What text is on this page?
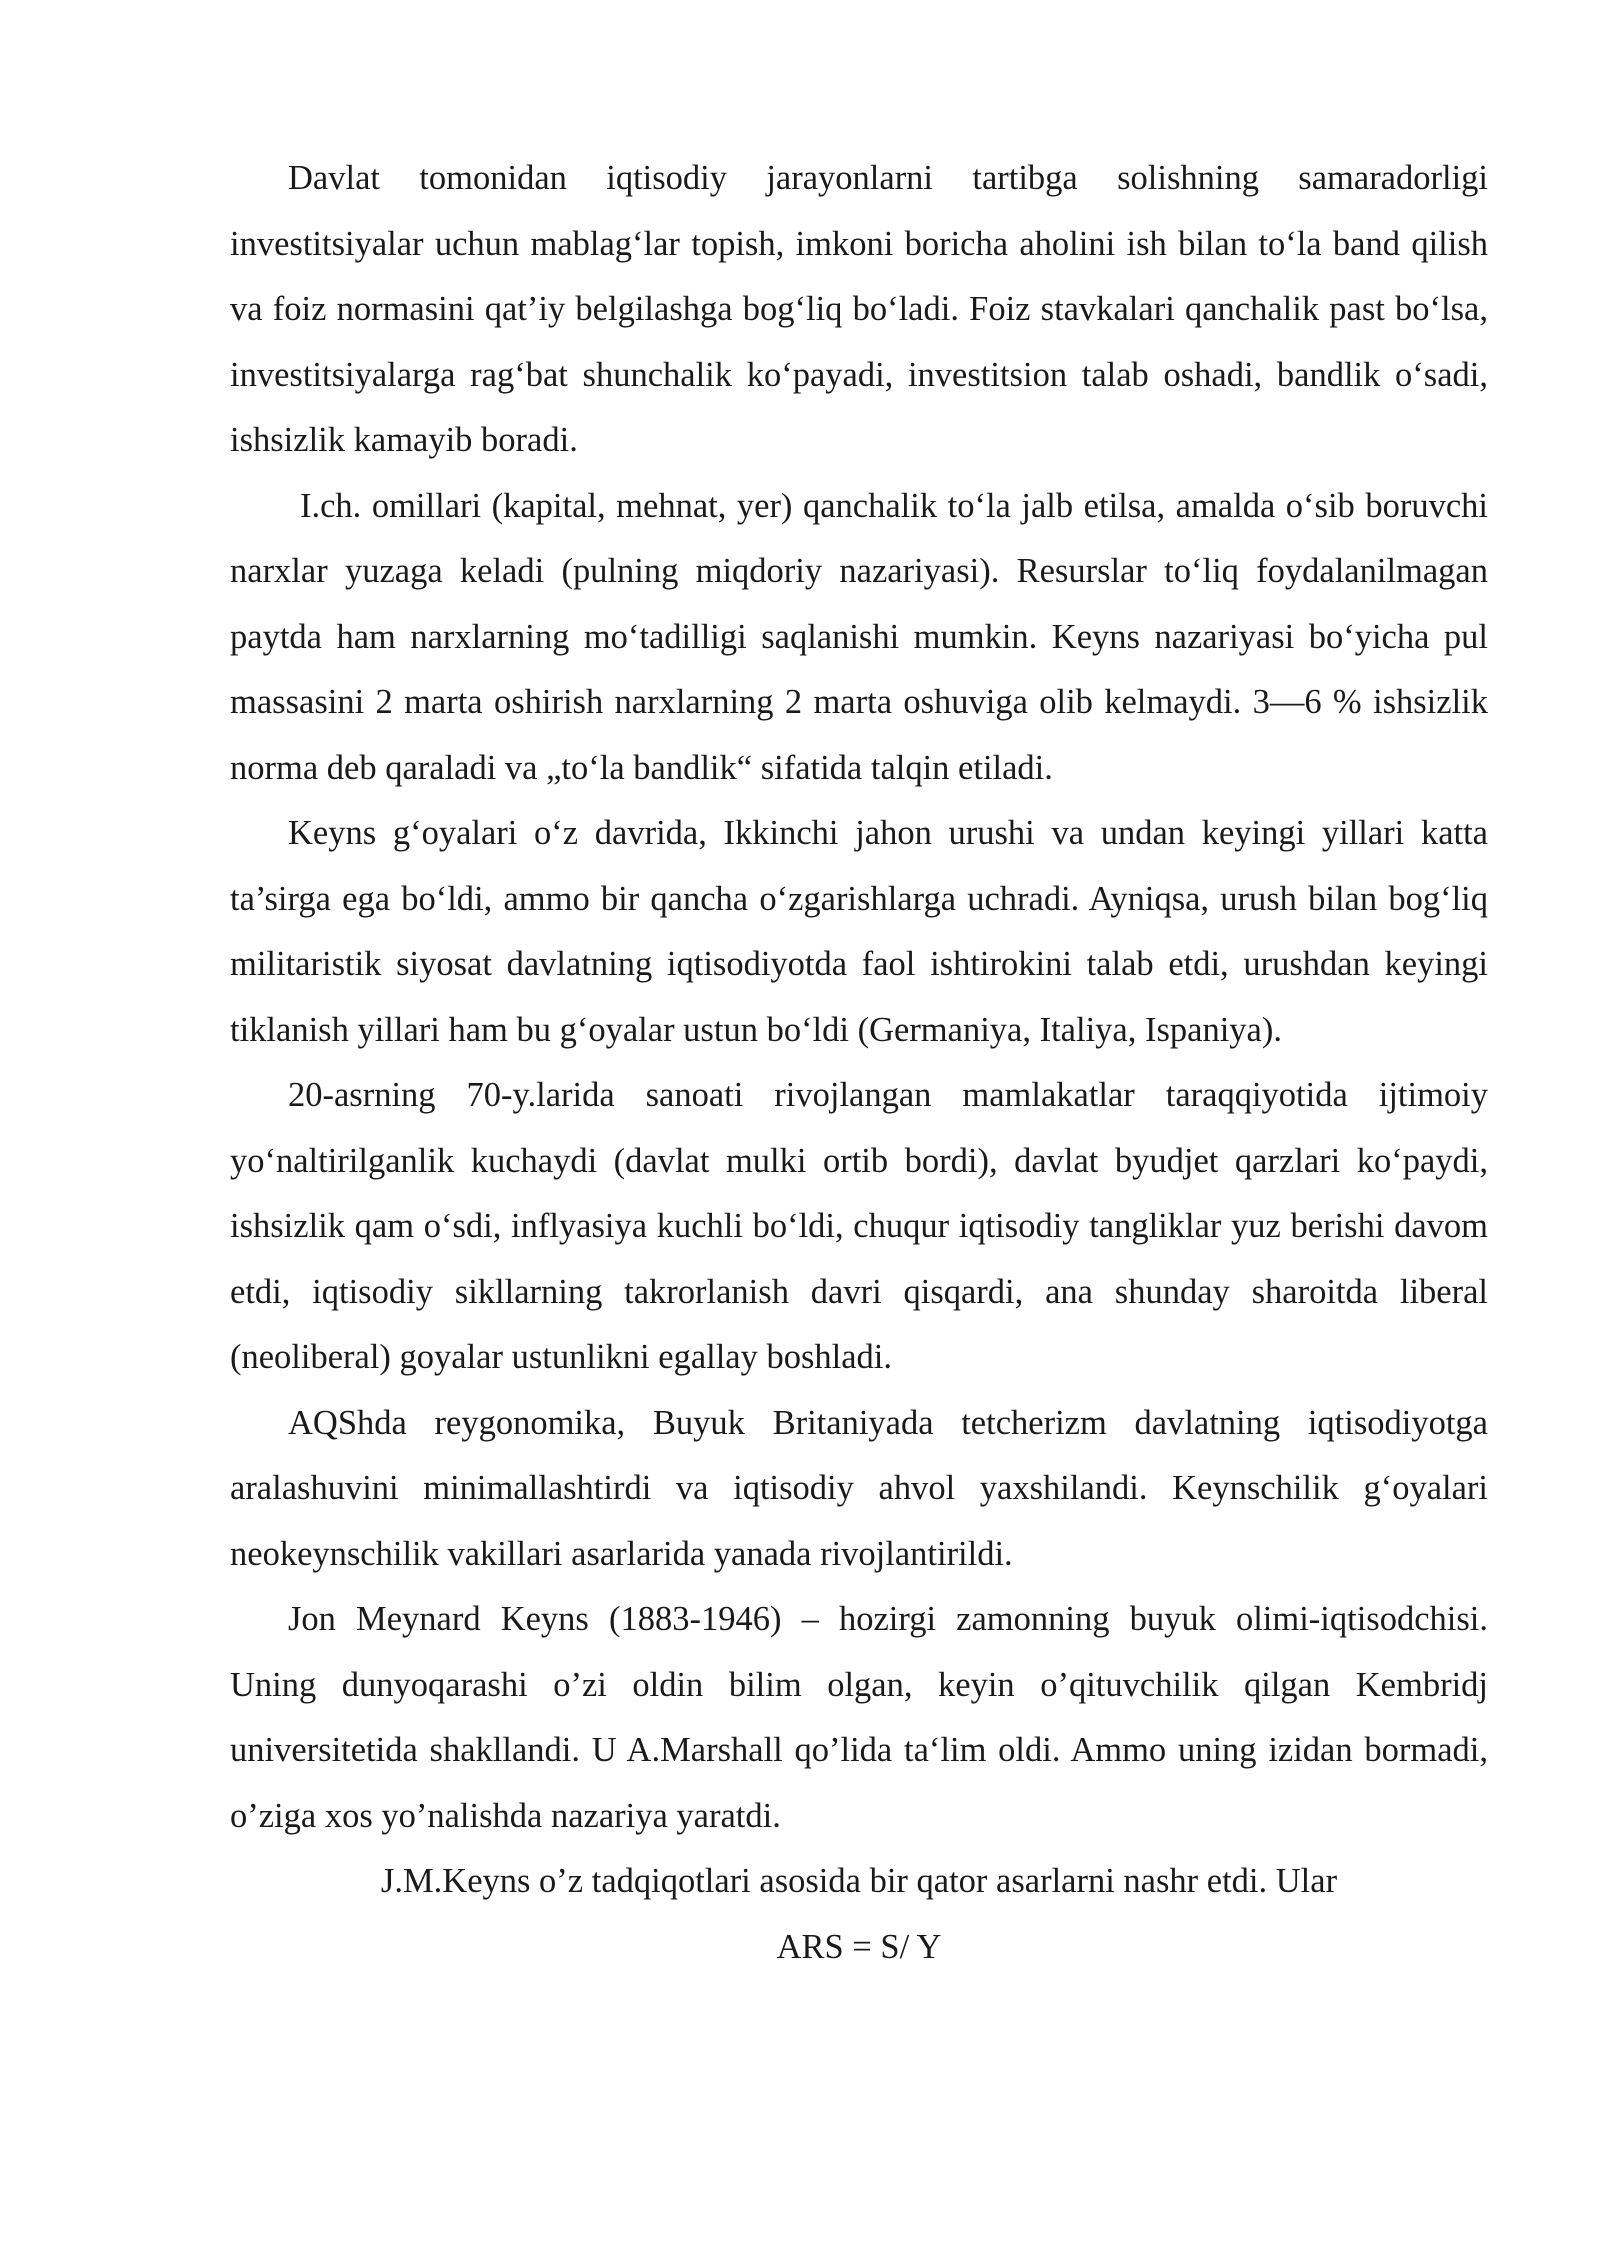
Davlat tomonidan iqtisodiy jarayonlarni tartibga solishning samaradorligi investitsiyalar uchun mablag‘lar topish, imkoni boricha aholini ish bilan to‘la band qilish va foiz normasini qat’iy belgilashga bog‘liq bo‘ladi. Foiz stavkalari qanchalik past bo‘lsa, investitsiyalarga rag‘bat shunchalik ko‘payadi, investitsion talab oshadi, bandlik o‘sadi, ishsizlik kamayib boradi.

I.ch. omillari (kapital, mehnat, yer) qanchalik to‘la jalb etilsa, amalda o‘sib boruvchi narxlar yuzaga keladi (pulning miqdoriy nazariyasi). Resurslar to‘liq foydalanilmagan paytda ham narxlarning mo‘tadilligi saqlanishi mumkin. Keyns nazariyasi bo‘yicha pul massasini 2 marta oshirish narxlarning 2 marta oshuviga olib kelmaydi. 3—6 % ishsizlik norma deb qaraladi va „to‘la bandlik“ sifatida talqin etiladi.

Keyns g‘oyalari o‘z davrida, Ikkinchi jahon urushi va undan keyingi yillari katta ta’sirga ega bo‘ldi, ammo bir qancha o‘zgarishlarga uchradi. Ayniqsa, urush bilan bog‘liq militaristik siyosat davlatning iqtisodiyotda faol ishtirokini talab etdi, urushdan keyingi tiklanish yillari ham bu g‘oyalar ustun bo‘ldi (Germaniya, Italiya, Ispaniya).

20-asrning 70-y.larida sanoati rivojlangan mamlakatlar taraqqiyotida ijtimoiy yo‘naltirilganlik kuchaydi (davlat mulki ortib bordi), davlat byudjet qarzlari ko‘paydi, ishsizlik qam o‘sdi, inflyasiya kuchli bo‘ldi, chuqur iqtisodiy tangliklar yuz berishi davom etdi, iqtisodiy sikllarning takrorlanish davri qisqardi, ana shunday sharoitda liberal (neoliberal) goyalar ustunlikni egallay boshladi.

AQShda reygonomika, Buyuk Britaniyada tetcherizm davlatning iqtisodiyotga aralashuvini minimallashtirdi va iqtisodiy ahvol yaxshilandi. Keynschilik g‘oyalari neokeynschilik vakillari asarlarida yanada rivojlantirildi.

Jon Meynard Keyns (1883-1946) – hozirgi zamonning buyuk olimi-iqtisodchisi. Uning dunyoqarashi o’zi oldin bilim olgan, keyin o’qituvchilik qilgan Kembridj universitetida shakllandi. U A.Marshall qo’lida ta‘lim oldi. Ammo uning izidan bormadi, o’ziga xos yo’nalishda nazariya yaratdi.

J.M.Keyns o’z tadqiqotlari asosida bir qator asarlarni nashr etdi. Ular

ARS = S/ Y
